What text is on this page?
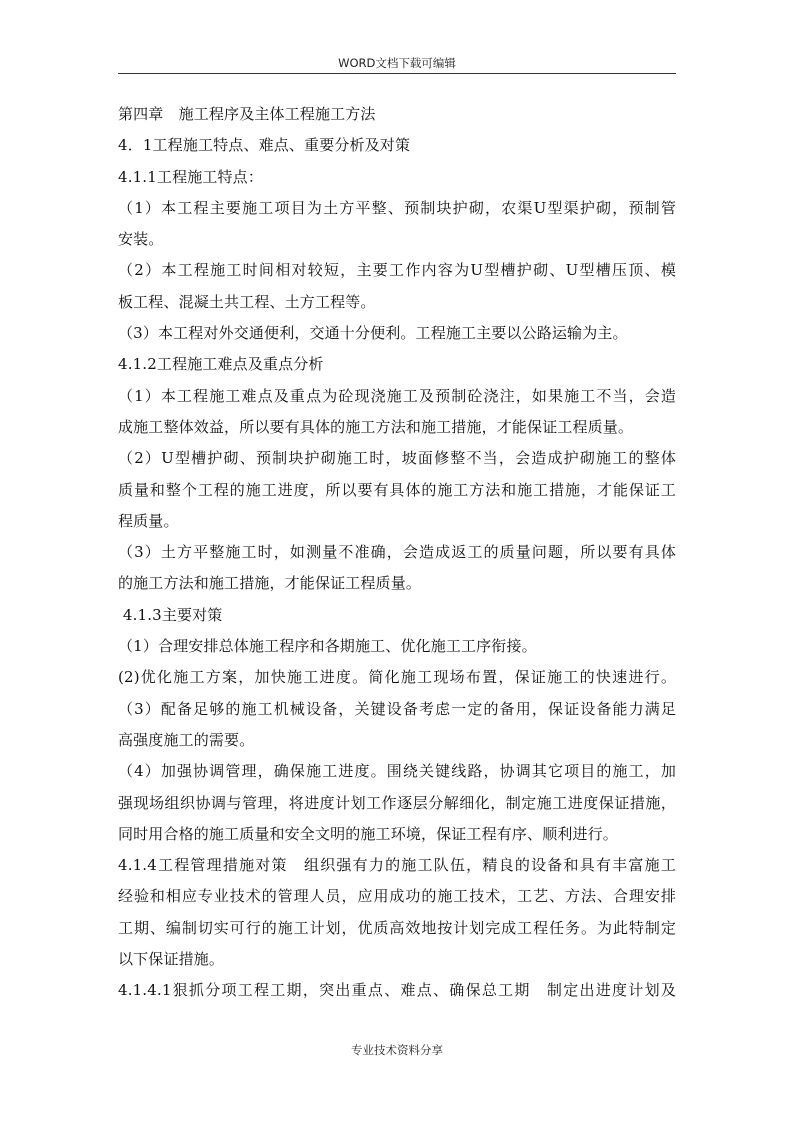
WORD文档下载可编辑
第四章　施工程序及主体工程施工方法
4．1工程施工特点、难点、重要分析及对策
4.1.1工程施工特点：
（1）本工程主要施工项目为土方平整、预制块护砌，农渠U型渠护砌，预制管
安装。
（2）本工程施工时间相对较短，主要工作内容为U型槽护砌、U型槽压顶、模
板工程、混凝土共工程、土方工程等。
（3）本工程对外交通便利，交通十分便利。工程施工主要以公路运输为主。
4.1.2工程施工难点及重点分析
（1）本工程施工难点及重点为砼现浇施工及预制砼浇注，如果施工不当，会造
成施工整体效益，所以要有具体的施工方法和施工措施，才能保证工程质量。
（2）U型槽护砌、预制块护砌施工时，坡面修整不当，会造成护砌施工的整体
质量和整个工程的施工进度，所以要有具体的施工方法和施工措施，才能保证工
程质量。
（3）土方平整施工时，如测量不准确，会造成返工的质量问题，所以要有具体
的施工方法和施工措施，才能保证工程质量。
4.1.3主要对策
（1）合理安排总体施工程序和各期施工、优化施工工序衔接。
(2)优化施工方案，加快施工进度。简化施工现场布置，保证施工的快速进行。
（3）配备足够的施工机械设备，关键设备考虑一定的备用，保证设备能力满足
高强度施工的需要。
（4）加强协调管理，确保施工进度。围绕关键线路，协调其它项目的施工，加
强现场组织协调与管理，将进度计划工作逐层分解细化，制定施工进度保证措施，
同时用合格的施工质量和安全文明的施工环境，保证工程有序、顺利进行。
4.1.4工程管理措施对策　组织强有力的施工队伍，精良的设备和具有丰富施工
经验和相应专业技术的管理人员，应用成功的施工技术，工艺、方法、合理安排
工期、编制切实可行的施工计划，优质高效地按计划完成工程任务。为此特制定
以下保证措施。
4.1.4.1狠抓分项工程工期，突出重点、难点、确保总工期　制定出进度计划及
专业技术资料分享
